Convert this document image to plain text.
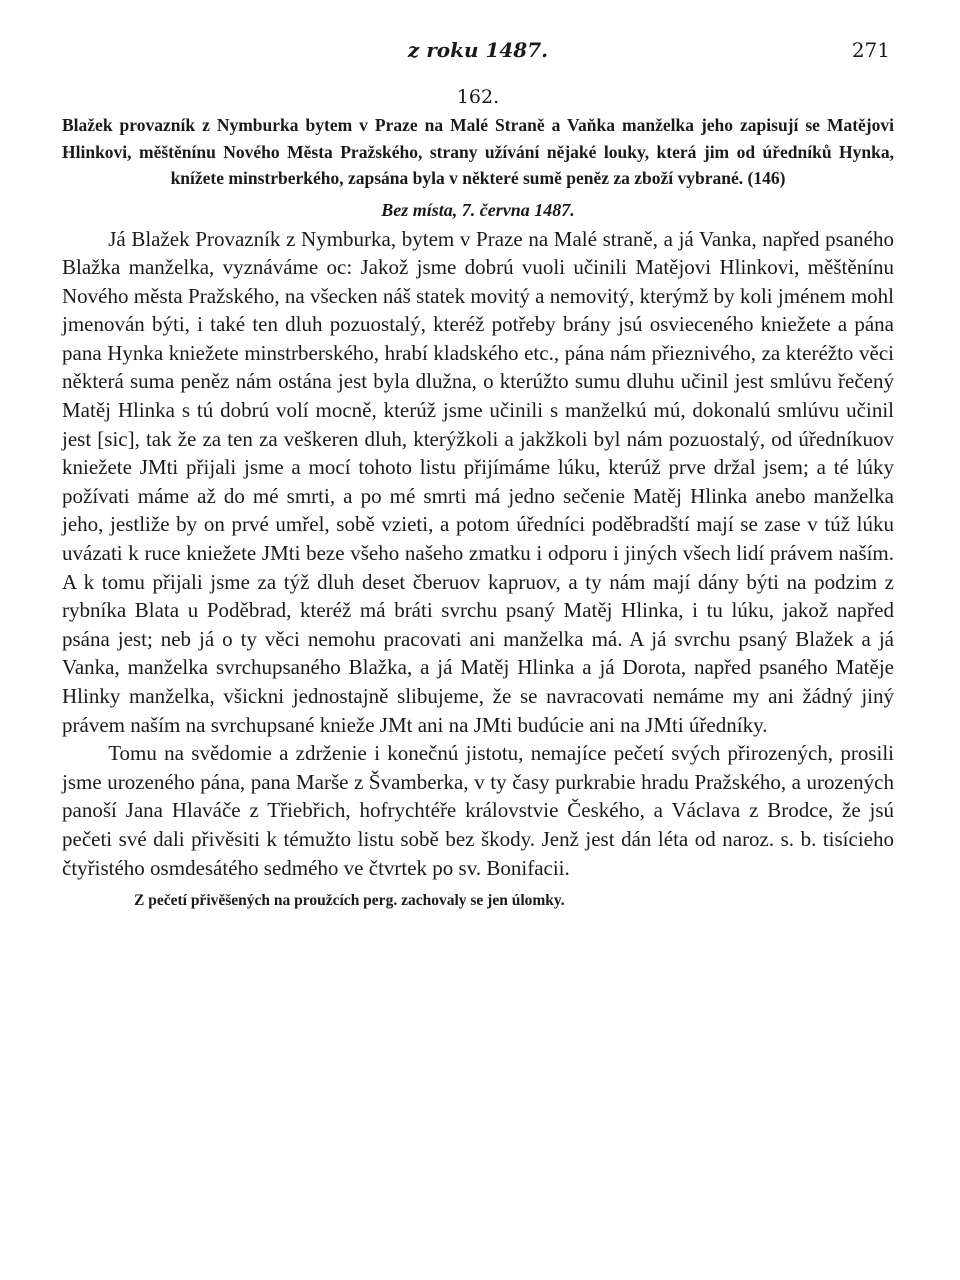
z roku 1487.	271
162.

Blažek provazník z Nymburka bytem v Praze na Malé Straně a Vaňka manželka jeho zapisují se Matějovi Hlinkovi, měštěnínu Nového Města Pražského, strany užívání nějaké louky, která jim od úředníků Hynka, knížete minstrberkého, zapsána byla v některé sumě peněz za zboží vybrané. (146)

Bez místa, 7. června 1487.

Já Blažek Provazník z Nymburka, bytem v Praze na Malé straně, a já Vanka, napřed psaného Blažka manželka, vyznáváme oc: Jakož jsme dobrú vuoli učinili Matějovi Hlinkovi, měštěnínu Nového města Pražského, na všecken náš statek movitý a nemovitý, kterýmž by koli jménem mohl jmenován býti, i také ten dluh pozuostalý, kteréž potřeby brány jsú osvieceného kniežete a pána pana Hynka kniežete minstrberského, hrabí kladského etc., pána nám přieznivého, za kteréžto věci některá suma peněz nám ostána jest byla dlužna, o kterúžto sumu dluhu učinil jest smlúvu řečený Matěj Hlinka s tú dobrú volí mocně, kterúž jsme učinili s manželkú mú, dokonalú smlúvu učinil jest [sic], tak že za ten za veškeren dluh, kterýžkoli a jakžkoli byl nám pozuostalý, od úředníkuov kniežete JMti přijali jsme a mocí tohoto listu přijímáme lúku, kterúž prve držal jsem; a té lúky požívati máme až do mé smrti, a po mé smrti má jedno sečenie Matěj Hlinka anebo manželka jeho, jestliže by on prvé umřel, sobě vzieti, a potom úředníci poděbradští mají se zase v túž lúku uvázati k ruce kniežete JMti beze všeho našeho zmatku i odporu i jiných všech lidí právem naším. A k tomu přijali jsme za týž dluh deset čberuov kapruov, a ty nám mají dány býti na podzim z rybníka Blata u Poděbrad, kteréž má bráti svrchu psaný Matěj Hlinka, i tu lúku, jakož napřed psána jest; neb já o ty věci nemohu pracovati ani manželka má. A já svrchu psaný Blažek a já Vanka, manželka svrchupsaného Blažka, a já Matěj Hlinka a já Dorota, napřed psaného Matěje Hlinky manželka, všickni jednostajně slibujeme, že se navracovati nemáme my ani žádný jiný právem naším na svrchupsané knieže JMt ani na JMti budúcie ani na JMti úředníky.

Tomu na svědomie a zdrženie i konečnú jistotu, nemajíce pečetí svých přirozených, prosili jsme urozeného pána, pana Marše z Švamberka, v ty časy purkrabie hradu Pražského, a urozených panoší Jana Hlaváče z Třiebřich, hofrychtéře královstvie Českého, a Václava z Brodce, že jsú pečeti své dali přivěsiti k témužto listu sobě bez škody. Jenž jest dán léta od naroz. s. b. tisícieho čtyřistého osmdesátého sedmého ve čtvrtek po sv. Bonifacii.

Z pečetí přivěšených na proužcích perg. zachovaly se jen úlomky.
